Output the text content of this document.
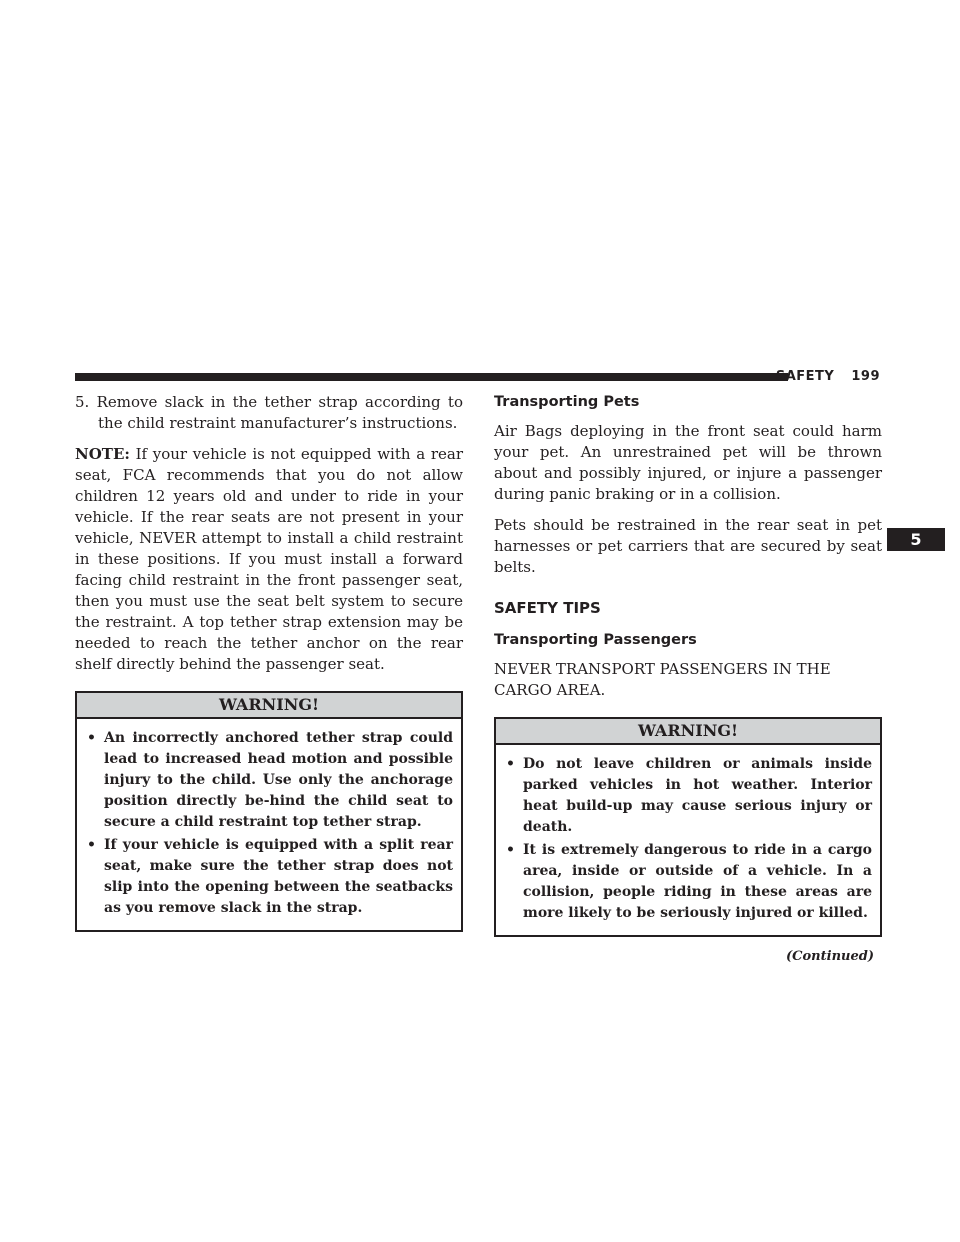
SAFETY 199
5

5. Remove slack in the tether strap according to the child restraint manufacturer’s instructions.

NOTE: If your vehicle is not equipped with a rear seat, FCA recommends that you do not allow children 12 years old and under to ride in your vehicle. If the rear seats are not present in your vehicle, NEVER attempt to install a child restraint in these positions. If you must install a forward facing child restraint in the front passenger seat, then you must use the seat belt system to secure the restraint. A top tether strap extension may be needed to reach the tether anchor on the rear shelf directly behind the passenger seat.

WARNING!
• An incorrectly anchored tether strap could lead to increased head motion and possible injury to the child. Use only the anchorage position directly be-hind the child seat to secure a child restraint top tether strap.
• If your vehicle is equipped with a split rear seat, make sure the tether strap does not slip into the opening between the seatbacks as you remove slack in the strap.
Transporting Pets

Air Bags deploying in the front seat could harm your pet. An unrestrained pet will be thrown about and possibly injured, or injure a passenger during panic braking or in a collision.

Pets should be restrained in the rear seat in pet harnesses or pet carriers that are secured by seat belts.

SAFETY TIPS
Transporting Passengers

NEVER TRANSPORT PASSENGERS IN THE CARGO AREA.

WARNING!
• Do not leave children or animals inside parked vehicles in hot weather. Interior heat build-up may cause serious injury or death.
• It is extremely dangerous to ride in a cargo area, inside or outside of a vehicle. In a collision, people riding in these areas are more likely to be seriously injured or killed.
(Continued)
